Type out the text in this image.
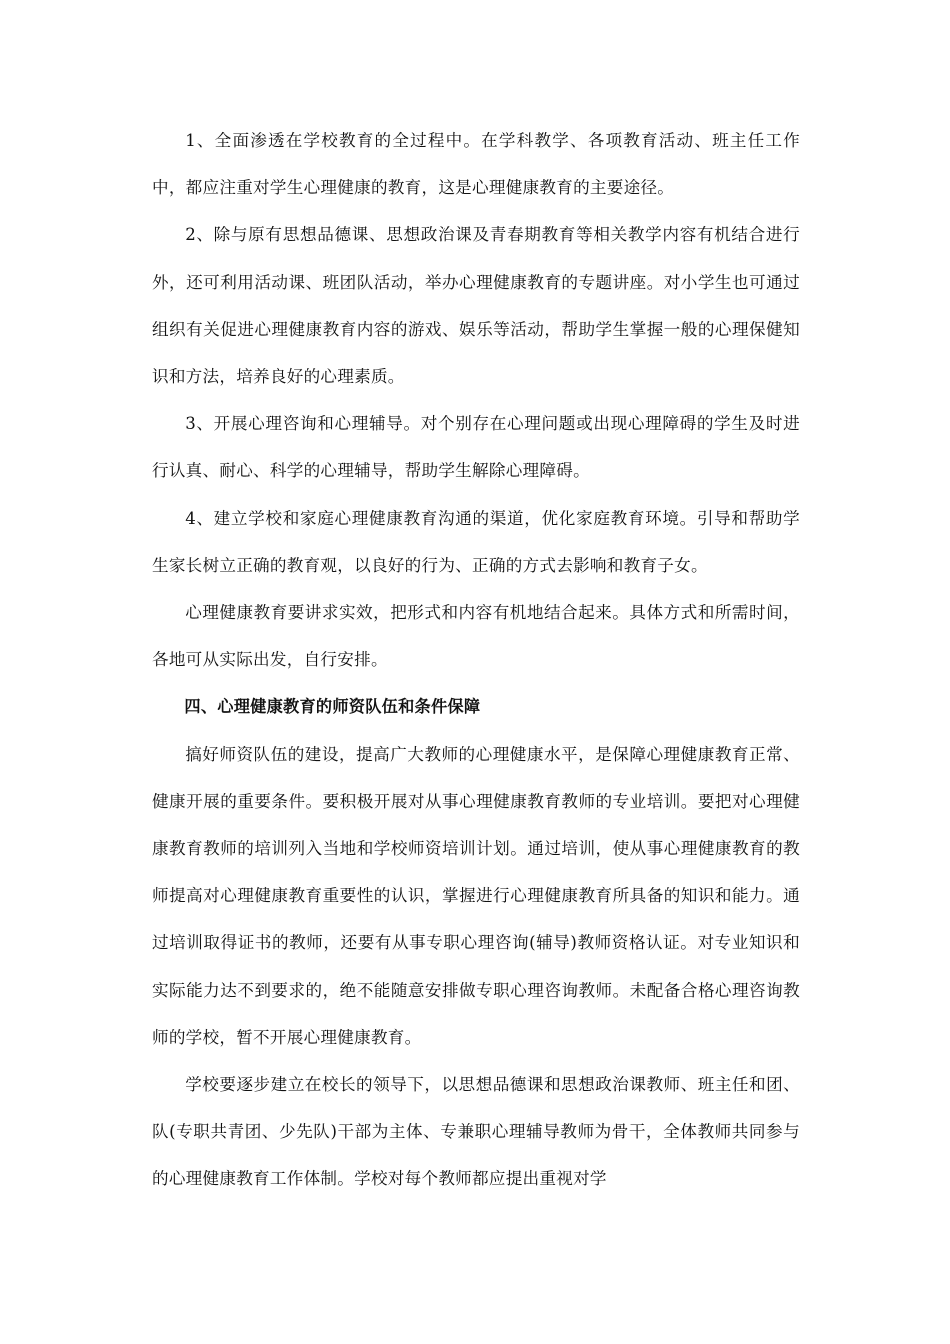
1、全面渗透在学校教育的全过程中。在学科教学、各项教育活动、班主任工作中，都应注重对学生心理健康的教育，这是心理健康教育的主要途径。

2、除与原有思想品德课、思想政治课及青春期教育等相关教学内容有机结合进行外，还可利用活动课、班团队活动，举办心理健康教育的专题讲座。对小学生也可通过组织有关促进心理健康教育内容的游戏、娱乐等活动，帮助学生掌握一般的心理保健知识和方法，培养良好的心理素质。

3、开展心理咨询和心理辅导。对个别存在心理问题或出现心理障碍的学生及时进行认真、耐心、科学的心理辅导，帮助学生解除心理障碍。

4、建立学校和家庭心理健康教育沟通的渠道，优化家庭教育环境。引导和帮助学生家长树立正确的教育观，以良好的行为、正确的方式去影响和教育子女。

心理健康教育要讲求实效，把形式和内容有机地结合起来。具体方式和所需时间，各地可从实际出发，自行安排。

四、心理健康教育的师资队伍和条件保障

搞好师资队伍的建设，提高广大教师的心理健康水平，是保障心理健康教育正常、健康开展的重要条件。要积极开展对从事心理健康教育教师的专业培训。要把对心理健康教育教师的培训列入当地和学校师资培训计划。通过培训，使从事心理健康教育的教师提高对心理健康教育重要性的认识，掌握进行心理健康教育所具备的知识和能力。通过培训取得证书的教师，还要有从事专职心理咨询(辅导)教师资格认证。对专业知识和实际能力达不到要求的，绝不能随意安排做专职心理咨询教师。未配备合格心理咨询教师的学校，暂不开展心理健康教育。

学校要逐步建立在校长的领导下，以思想品德课和思想政治课教师、班主任和团、队(专职共青团、少先队)干部为主体、专兼职心理辅导教师为骨干，全体教师共同参与的心理健康教育工作体制。学校对每个教师都应提出重视对学
